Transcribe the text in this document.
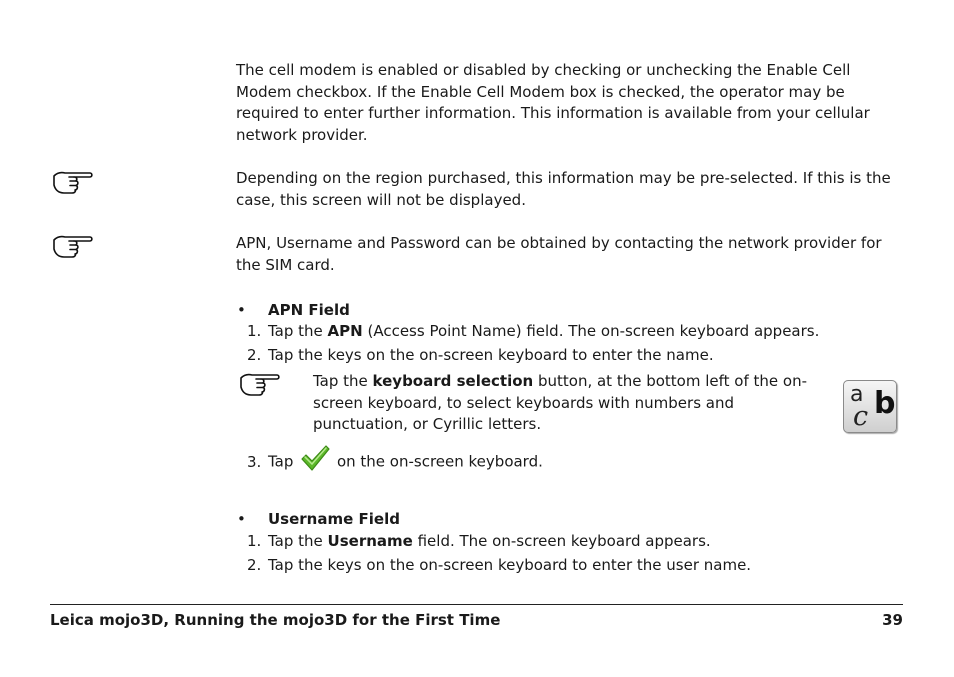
The cell modem is enabled or disabled by checking or unchecking the Enable Cell Modem checkbox. If the Enable Cell Modem box is checked, the operator may be required to enter further information. This information is available from your cellular network provider.

Depending on the region purchased, this information may be pre-selected. If this is the case, this screen will not be displayed.

APN, Username and Password can be obtained by contacting the network provider for the SIM card.

• APN Field
1. Tap the APN (Access Point Name) field. The on-screen keyboard appears.
2. Tap the keys on the on-screen keyboard to enter the name.

Tap the keyboard selection button, at the bottom left of the on-screen keyboard, to select keyboards with numbers and punctuation, or Cyrillic letters.

a b
c
3. Tap	on the on-screen keyboard.
• Username Field
1. Tap the Username field. The on-screen keyboard appears.
2. Tap the keys on the on-screen keyboard to enter the user name.
Leica mojo3D, Running the mojo3D for the First Time	39
